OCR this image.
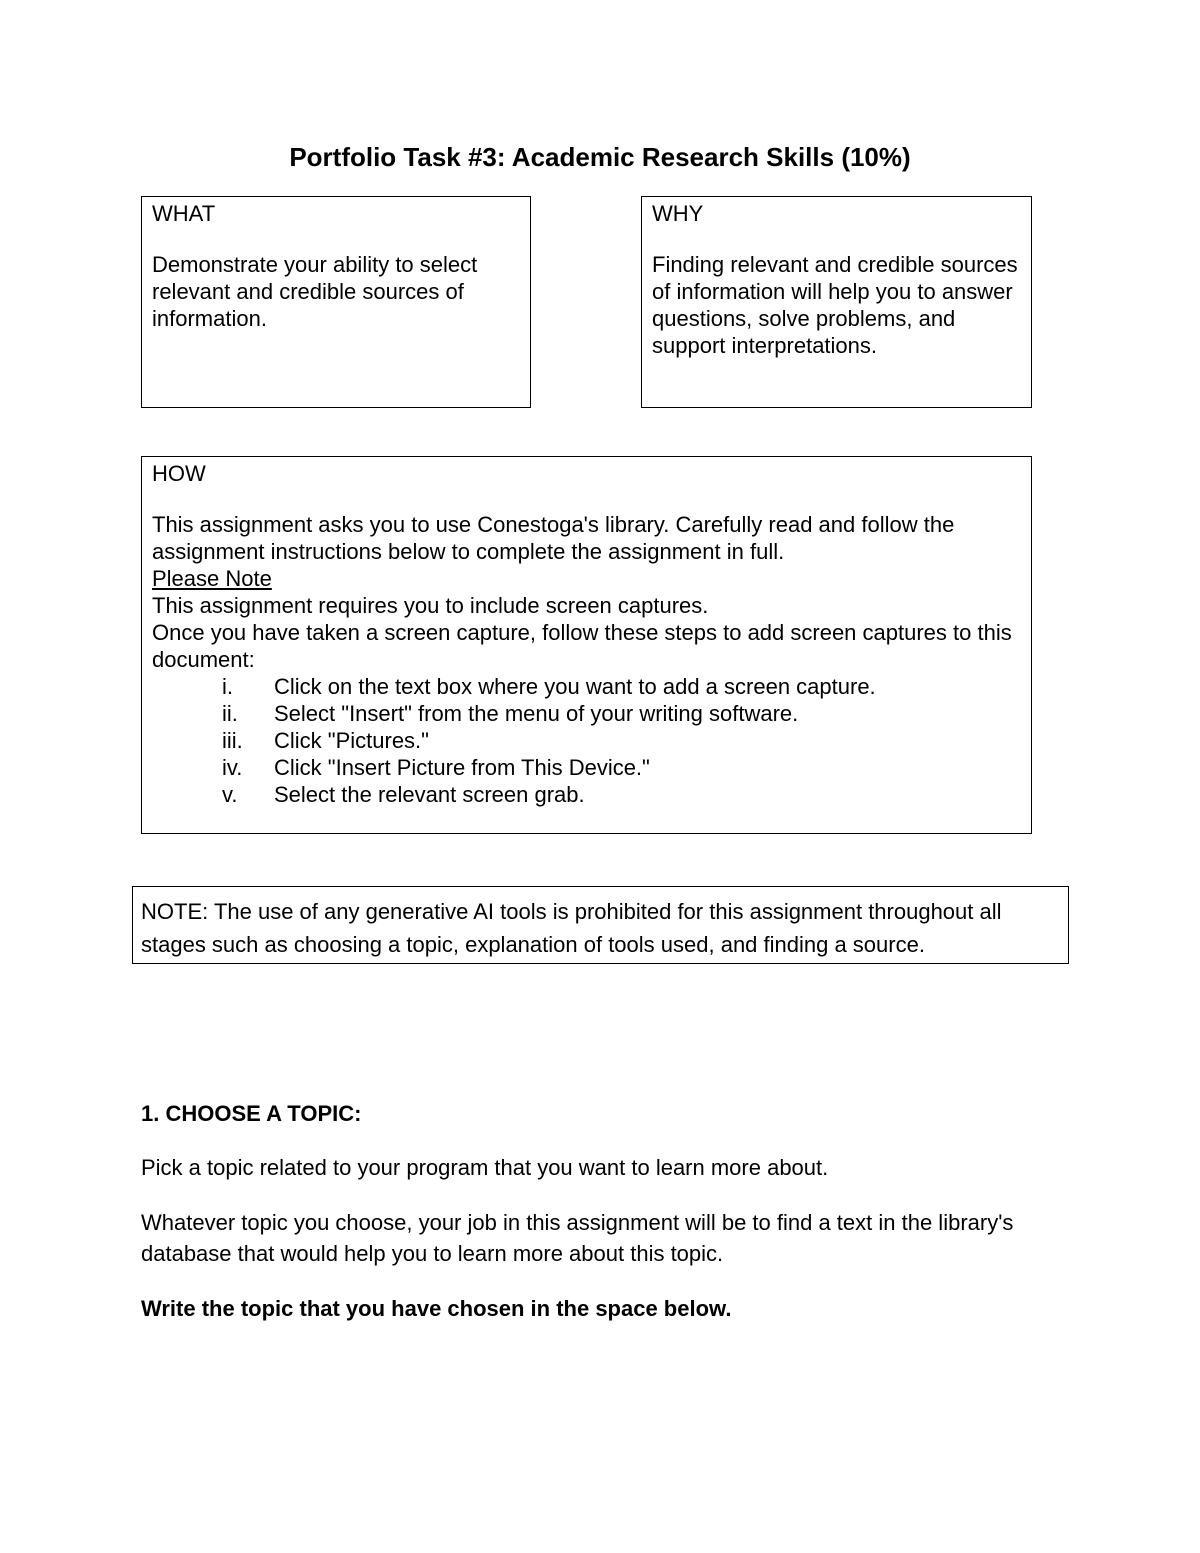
Portfolio Task #3: Academic Research Skills (10%)
WHAT
Demonstrate your ability to select relevant and credible sources of information.
WHY
Finding relevant and credible sources of information will help you to answer questions, solve problems, and support interpretations.
HOW
This assignment asks you to use Conestoga's library. Carefully read and follow the assignment instructions below to complete the assignment in full.
Please Note
This assignment requires you to include screen captures.
Once you have taken a screen capture, follow these steps to add screen captures to this document:
i. Click on the text box where you want to add a screen capture.
ii. Select "Insert" from the menu of your writing software.
iii. Click "Pictures."
iv. Click "Insert Picture from This Device."
v. Select the relevant screen grab.
NOTE: The use of any generative AI tools is prohibited for this assignment throughout all stages such as choosing a topic, explanation of tools used, and finding a source.
1. CHOOSE A TOPIC:
Pick a topic related to your program that you want to learn more about.
Whatever topic you choose, your job in this assignment will be to find a text in the library's database that would help you to learn more about this topic.
Write the topic that you have chosen in the space below.
